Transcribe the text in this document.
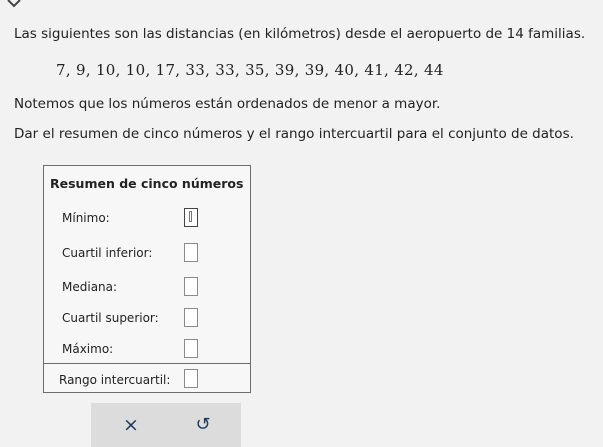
Las siguientes son las distancias (en kilómetros) desde el aeropuerto de 14 familias.
7, 9, 10, 10, 17, 33, 33, 35, 39, 39, 40, 41, 42, 44
Notemos que los números están ordenados de menor a mayor.
Dar el resumen de cinco números y el rango intercuartil para el conjunto de datos.
Resumen de cinco números
Mínimo:
Cuartil inferior:
Mediana:
Cuartil superior:
Máximo:
Rango intercuartil:
×	↺
